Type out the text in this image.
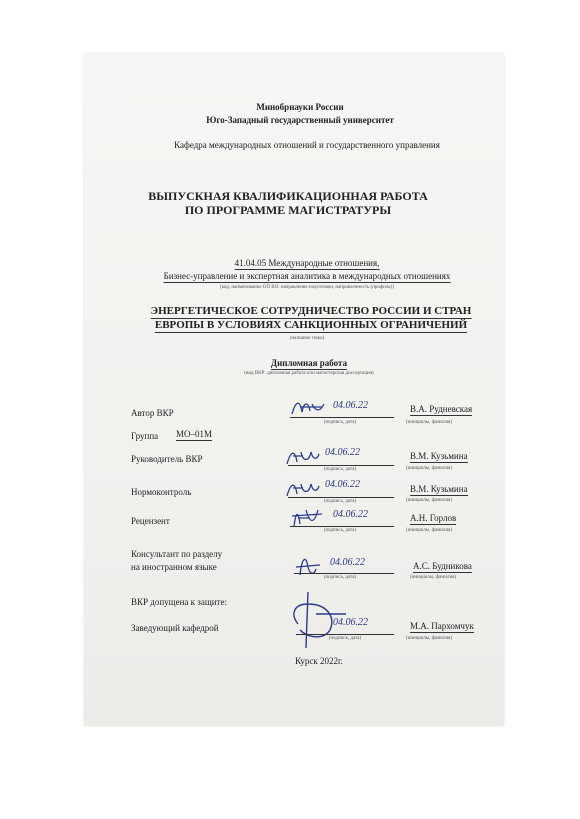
Минобрнауки России
Юго-Западный государственный университет
Кафедра международных отношений и государственного управления
ВЫПУСКНАЯ КВАЛИФИКАЦИОННАЯ РАБОТА
ПО ПРОГРАММЕ МАГИСТРАТУРЫ
41.04.05 Международные отношения,
Бизнес-управление и экспертная аналитика в международных отношениях
(код, наименование ОП ВО: направление подготовки, направленность (профиль))
ЭНЕРГЕТИЧЕСКОЕ СОТРУДНИЧЕСТВО РОССИИ И СТРАН
ЕВРОПЫ В УСЛОВИЯХ САНКЦИОННЫХ ОГРАНИЧЕНИЙ
(название темы)
Дипломная работа
(вид ВКР: дипломная работа или магистерская диссертация)
Автор ВКР
04.06.22
(подпись, дата)
В.А. Рудневская
(инициалы, фамилия)
Группа МО–01М
Руководитель ВКР
04.06.22
(подпись, дата)
В.М. Кузьмина
(инициалы, фамилия)
Нормоконтроль
04.06.22
(подпись, дата)
В.М. Кузьмина
(инициалы, фамилия)
Рецензент
04.06.22
(подпись, дата)
А.Н. Горлов
(инициалы, фамилия)
Консультант по разделу
на иностранном языке	04.06.22
(подпись, дата)
А.С. Будникова
(инициалы, фамилия)
ВКР допущена к защите:
Заведующий кафедрой	04.06.22
(подпись, дата)
М.А. Пархомчук
(инициалы, фамилия)
Курск 2022г.
